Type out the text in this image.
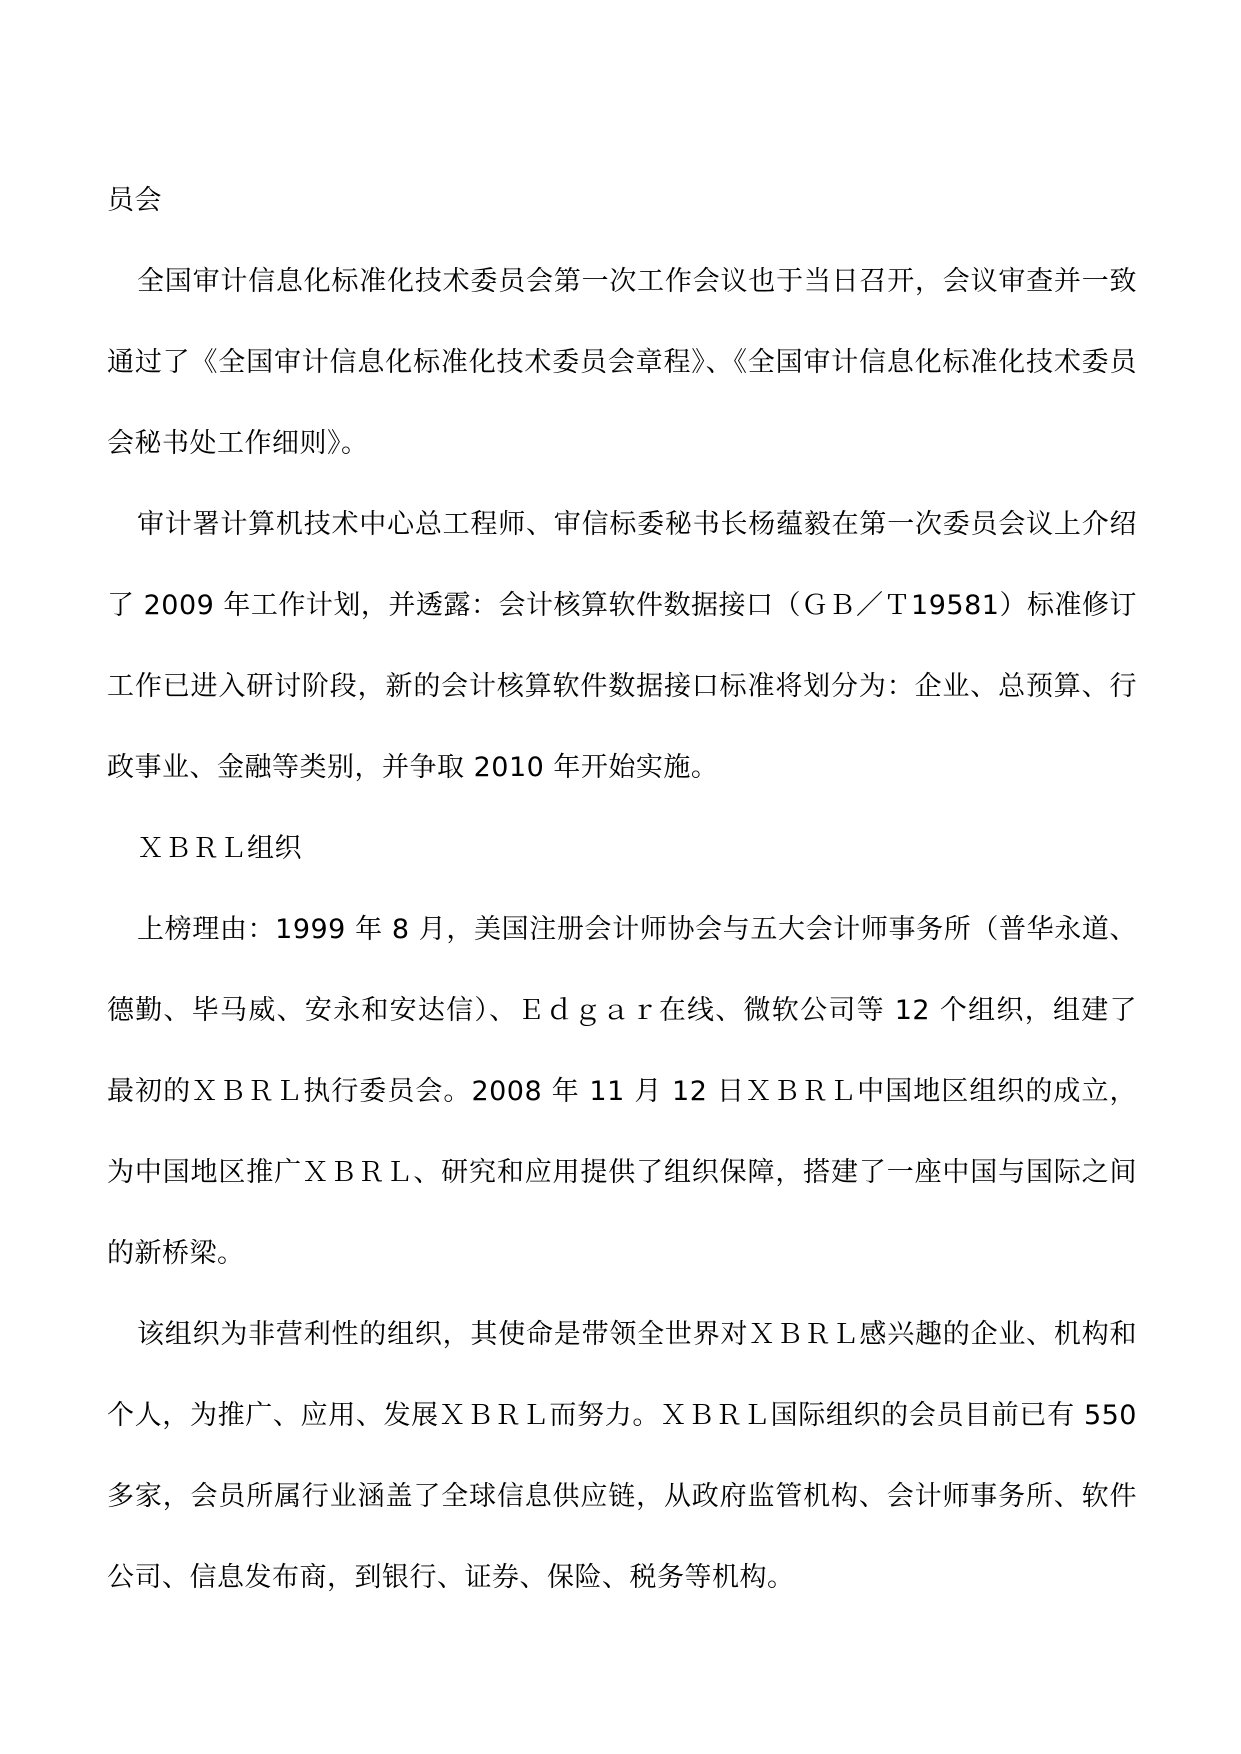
员会

全国审计信息化标准化技术委员会第一次工作会议也于当日召开，会议审查并一致通过了《全国审计信息化标准化技术委员会章程》、《全国审计信息化标准化技术委员会秘书处工作细则》。

审计署计算机技术中心总工程师、审信标委秘书长杨蕴毅在第一次委员会议上介绍了 2009 年工作计划，并透露：会计核算软件数据接口（ＧＢ／Ｔ19581）标准修订工作已进入研讨阶段，新的会计核算软件数据接口标准将划分为：企业、总预算、行政事业、金融等类别，并争取 2010 年开始实施。

ＸＢＲＬ组织

上榜理由：1999 年 8 月，美国注册会计师协会与五大会计师事务所（普华永道、德勤、毕马威、安永和安达信）、Ｅｄｇａｒ在线、微软公司等 12 个组织，组建了最初的ＸＢＲＬ执行委员会。2008 年 11 月 12 日ＸＢＲＬ中国地区组织的成立，为中国地区推广ＸＢＲＬ、研究和应用提供了组织保障，搭建了一座中国与国际之间的新桥梁。

该组织为非营利性的组织，其使命是带领全世界对ＸＢＲＬ感兴趣的企业、机构和个人，为推广、应用、发展ＸＢＲＬ而努力。ＸＢＲＬ国际组织的会员目前已有 550 多家，会员所属行业涵盖了全球信息供应链，从政府监管机构、会计师事务所、软件公司、信息发布商，到银行、证券、保险、税务等机构。
